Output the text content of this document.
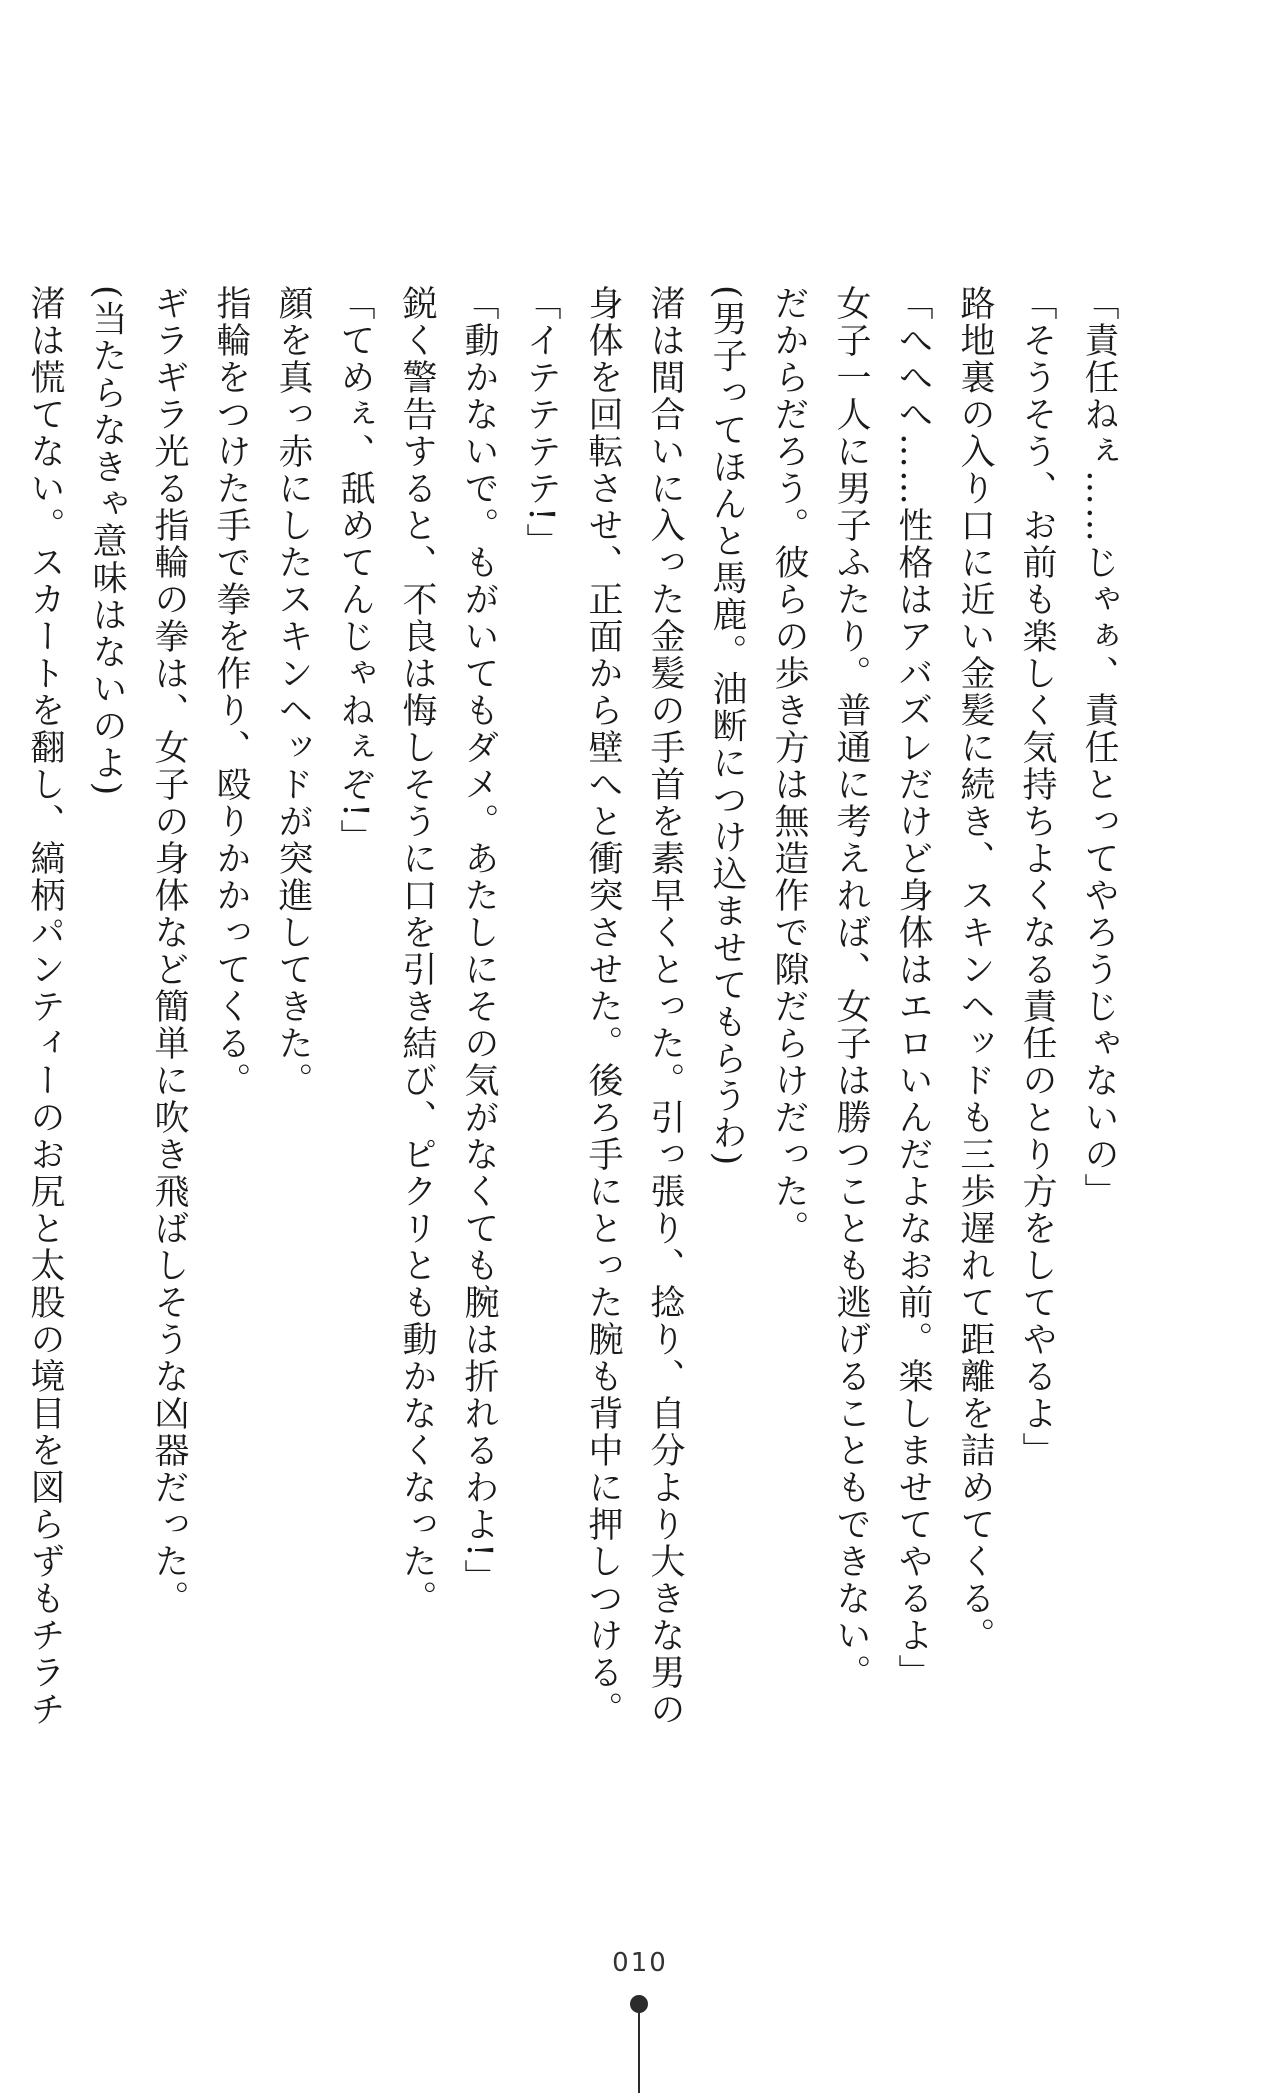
「責任ねぇ……じゃぁ、責任とってやろうじゃないの」
「そうそう、お前も楽しく気持ちよくなる責任のとり方をしてやるよ」
路地裏の入り口に近い金髪に続き、スキンヘッドも三歩遅れて距離を詰めてくる。
「へへへ……性格はアバズレだけど身体はエロいんだよなお前。楽しませてやるよ」
女子一人に男子ふたり。普通に考えれば、女子は勝つことも逃げることもできない。
だからだろう。彼らの歩き方は無造作で隙だらけだった。
(男子ってほんと馬鹿。油断につけ込ませてもらうわ)
渚は間合いに入った金髪の手首を素早くとった。引っ張り、捻り、自分より大きな男の
身体を回転させ、正面から壁へと衝突させた。後ろ手にとった腕も背中に押しつける。
「イテテテテ!」
「動かないで。もがいてもダメ。あたしにその気がなくても腕は折れるわよ!」
鋭く警告すると、不良は悔しそうに口を引き結び、ピクリとも動かなくなった。
「てめぇ、舐めてんじゃねぇぞ!」
顔を真っ赤にしたスキンヘッドが突進してきた。
指輪をつけた手で拳を作り、殴りかかってくる。
ギラギラ光る指輪の拳は、女子の身体など簡単に吹き飛ばしそうな凶器だった。
(当たらなきゃ意味はないのよ)
渚は慌てない。スカートを翻し、縞柄パンティーのお尻と太股の境目を図らずもチラチ
010
